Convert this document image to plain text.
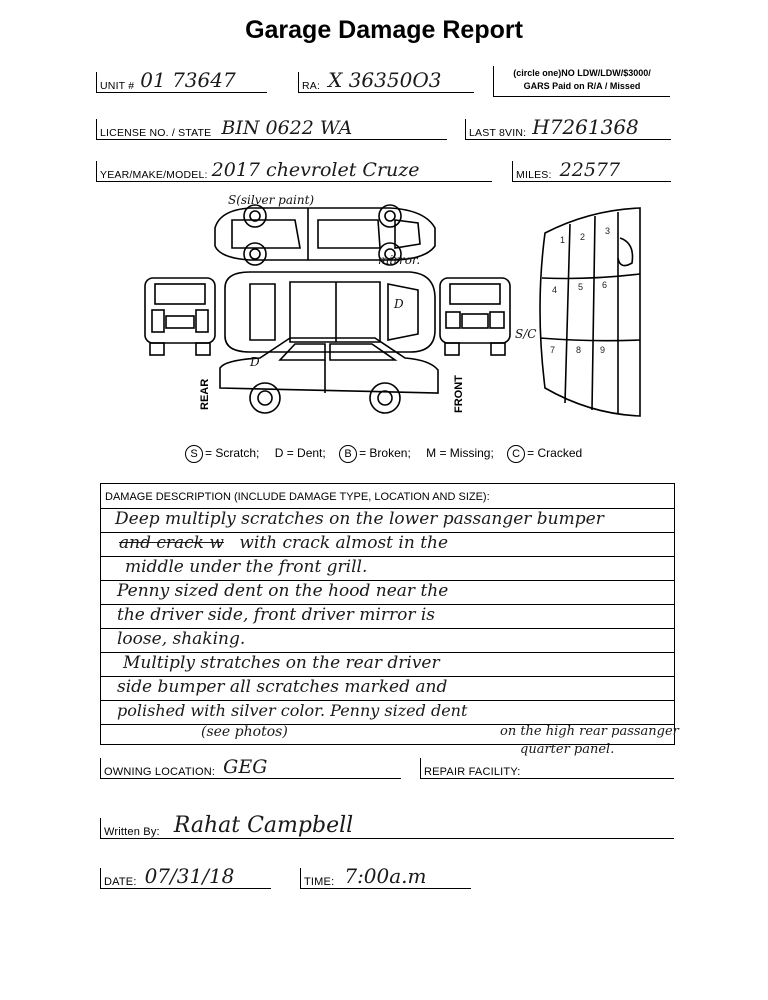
Garage Damage Report
UNIT # 01 73647	RA: X 36350O3	(circle one)NO LDW/LDW/$3000/
GARS Paid on R/A / Missed
LICENSE NO. / STATE BIN 0622 WA	LAST 8VIN: H7261368
YEAR/MAKE/MODEL: 2017 chevrolet Cruze	MILES: 22577
S(silver paint)
mirror.
D
D
S/C
1 2
3
4 5 6
7 8 9
REAR	FRONT
S = Scratch; D = Dent; B = Broken; M = Missing; C = Cracked
DAMAGE DESCRIPTION (INCLUDE DAMAGE TYPE, LOCATION AND SIZE):
Deep multiply scratches on the lower passanger bumper
and crack w with crack almost in the
middle under the front grill.
Penny sized dent on the hood near the
the driver side, front driver mirror is
loose, shaking.
Multiply stratches on the rear driver
side bumper all scratches marked and
polished with silver color. Penny sized dent
(see photos)	on the high rear passanger
quarter panel.
OWNING LOCATION: GEG	REPAIR FACILITY:
Written By: Rahat Campbell
DATE: 07/31/18	TIME: 7:00a.m
